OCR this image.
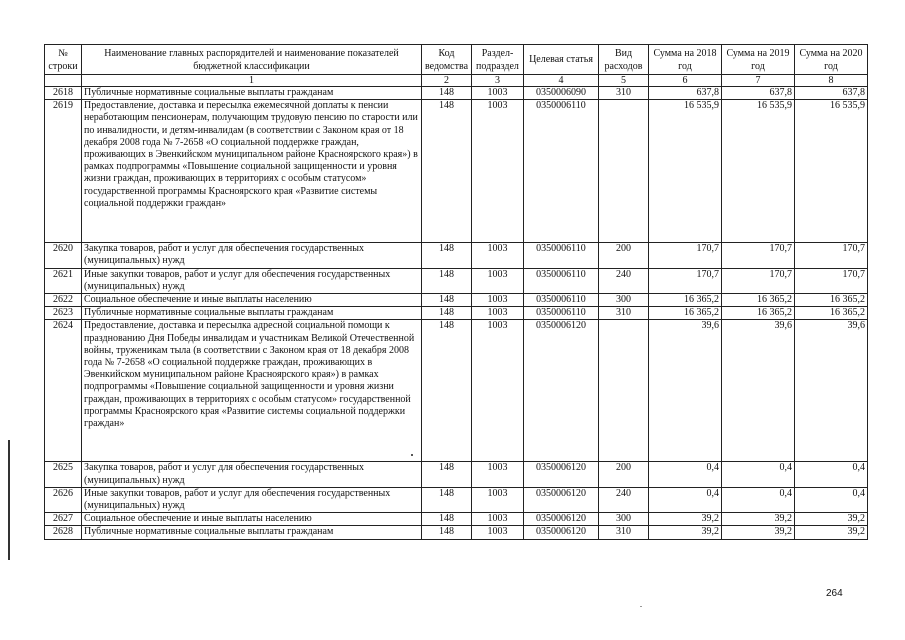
№ строки	Наименование главных распорядителей и наименование показателей бюджетной классификации	Код ведомства	Раздел-подраздел	Целевая статья	Вид расходов	Сумма на 2018 год	Сумма на 2019 год	Сумма на 2020 год
	1	2	3	4	5	6	7	8
2618	Публичные нормативные социальные выплаты гражданам	148	1003	0350006090	310	637,8	637,8	637,8
2619	Предоставление, доставка и пересылка ежемесячной доплаты к пенсии неработающим пенсионерам, получающим трудовую пенсию по старости или по инвалидности, и детям-инвалидам (в соответствии с Законом края от 18 декабря 2008 года № 7-2658 «О социальной поддержке граждан, проживающих в Эвенкийском муниципальном районе Красноярского края») в рамках подпрограммы «Повышение социальной защищенности и уровня жизни граждан, проживающих в территориях с особым статусом» государственной программы Красноярского края «Развитие системы социальной поддержки граждан»	148	1003	0350006110		16 535,9	16 535,9	16 535,9
2620	Закупка товаров, работ и услуг для обеспечения государственных (муниципальных) нужд	148	1003	0350006110	200	170,7	170,7	170,7
2621	Иные закупки товаров, работ и услуг для обеспечения государственных (муниципальных) нужд	148	1003	0350006110	240	170,7	170,7	170,7
2622	Социальное обеспечение и иные выплаты населению	148	1003	0350006110	300	16 365,2	16 365,2	16 365,2
2623	Публичные нормативные социальные выплаты гражданам	148	1003	0350006110	310	16 365,2	16 365,2	16 365,2
2624	Предоставление, доставка и пересылка адресной социальной помощи к празднованию Дня Победы инвалидам и участникам Великой Отечественной войны, труженикам тыла (в соответствии с Законом края от 18 декабря 2008 года № 7-2658 «О социальной поддержке граждан, проживающих в Эвенкийском муниципальном районе Красноярского края») в рамках подпрограммы «Повышение социальной защищенности и уровня жизни граждан, проживающих в территориях с особым статусом» государственной программы Красноярского края «Развитие системы социальной поддержки граждан»	148	1003	0350006120		39,6	39,6	39,6
2625	Закупка товаров, работ и услуг для обеспечения государственных (муниципальных) нужд	148	1003	0350006120	200	0,4	0,4	0,4
2626	Иные закупки товаров, работ и услуг для обеспечения государственных (муниципальных) нужд	148	1003	0350006120	240	0,4	0,4	0,4
2627	Социальное обеспечение и иные выплаты населению	148	1003	0350006120	300	39,2	39,2	39,2
2628	Публичные нормативные социальные выплаты гражданам	148	1003	0350006120	310	39,2	39,2	39,2
264
